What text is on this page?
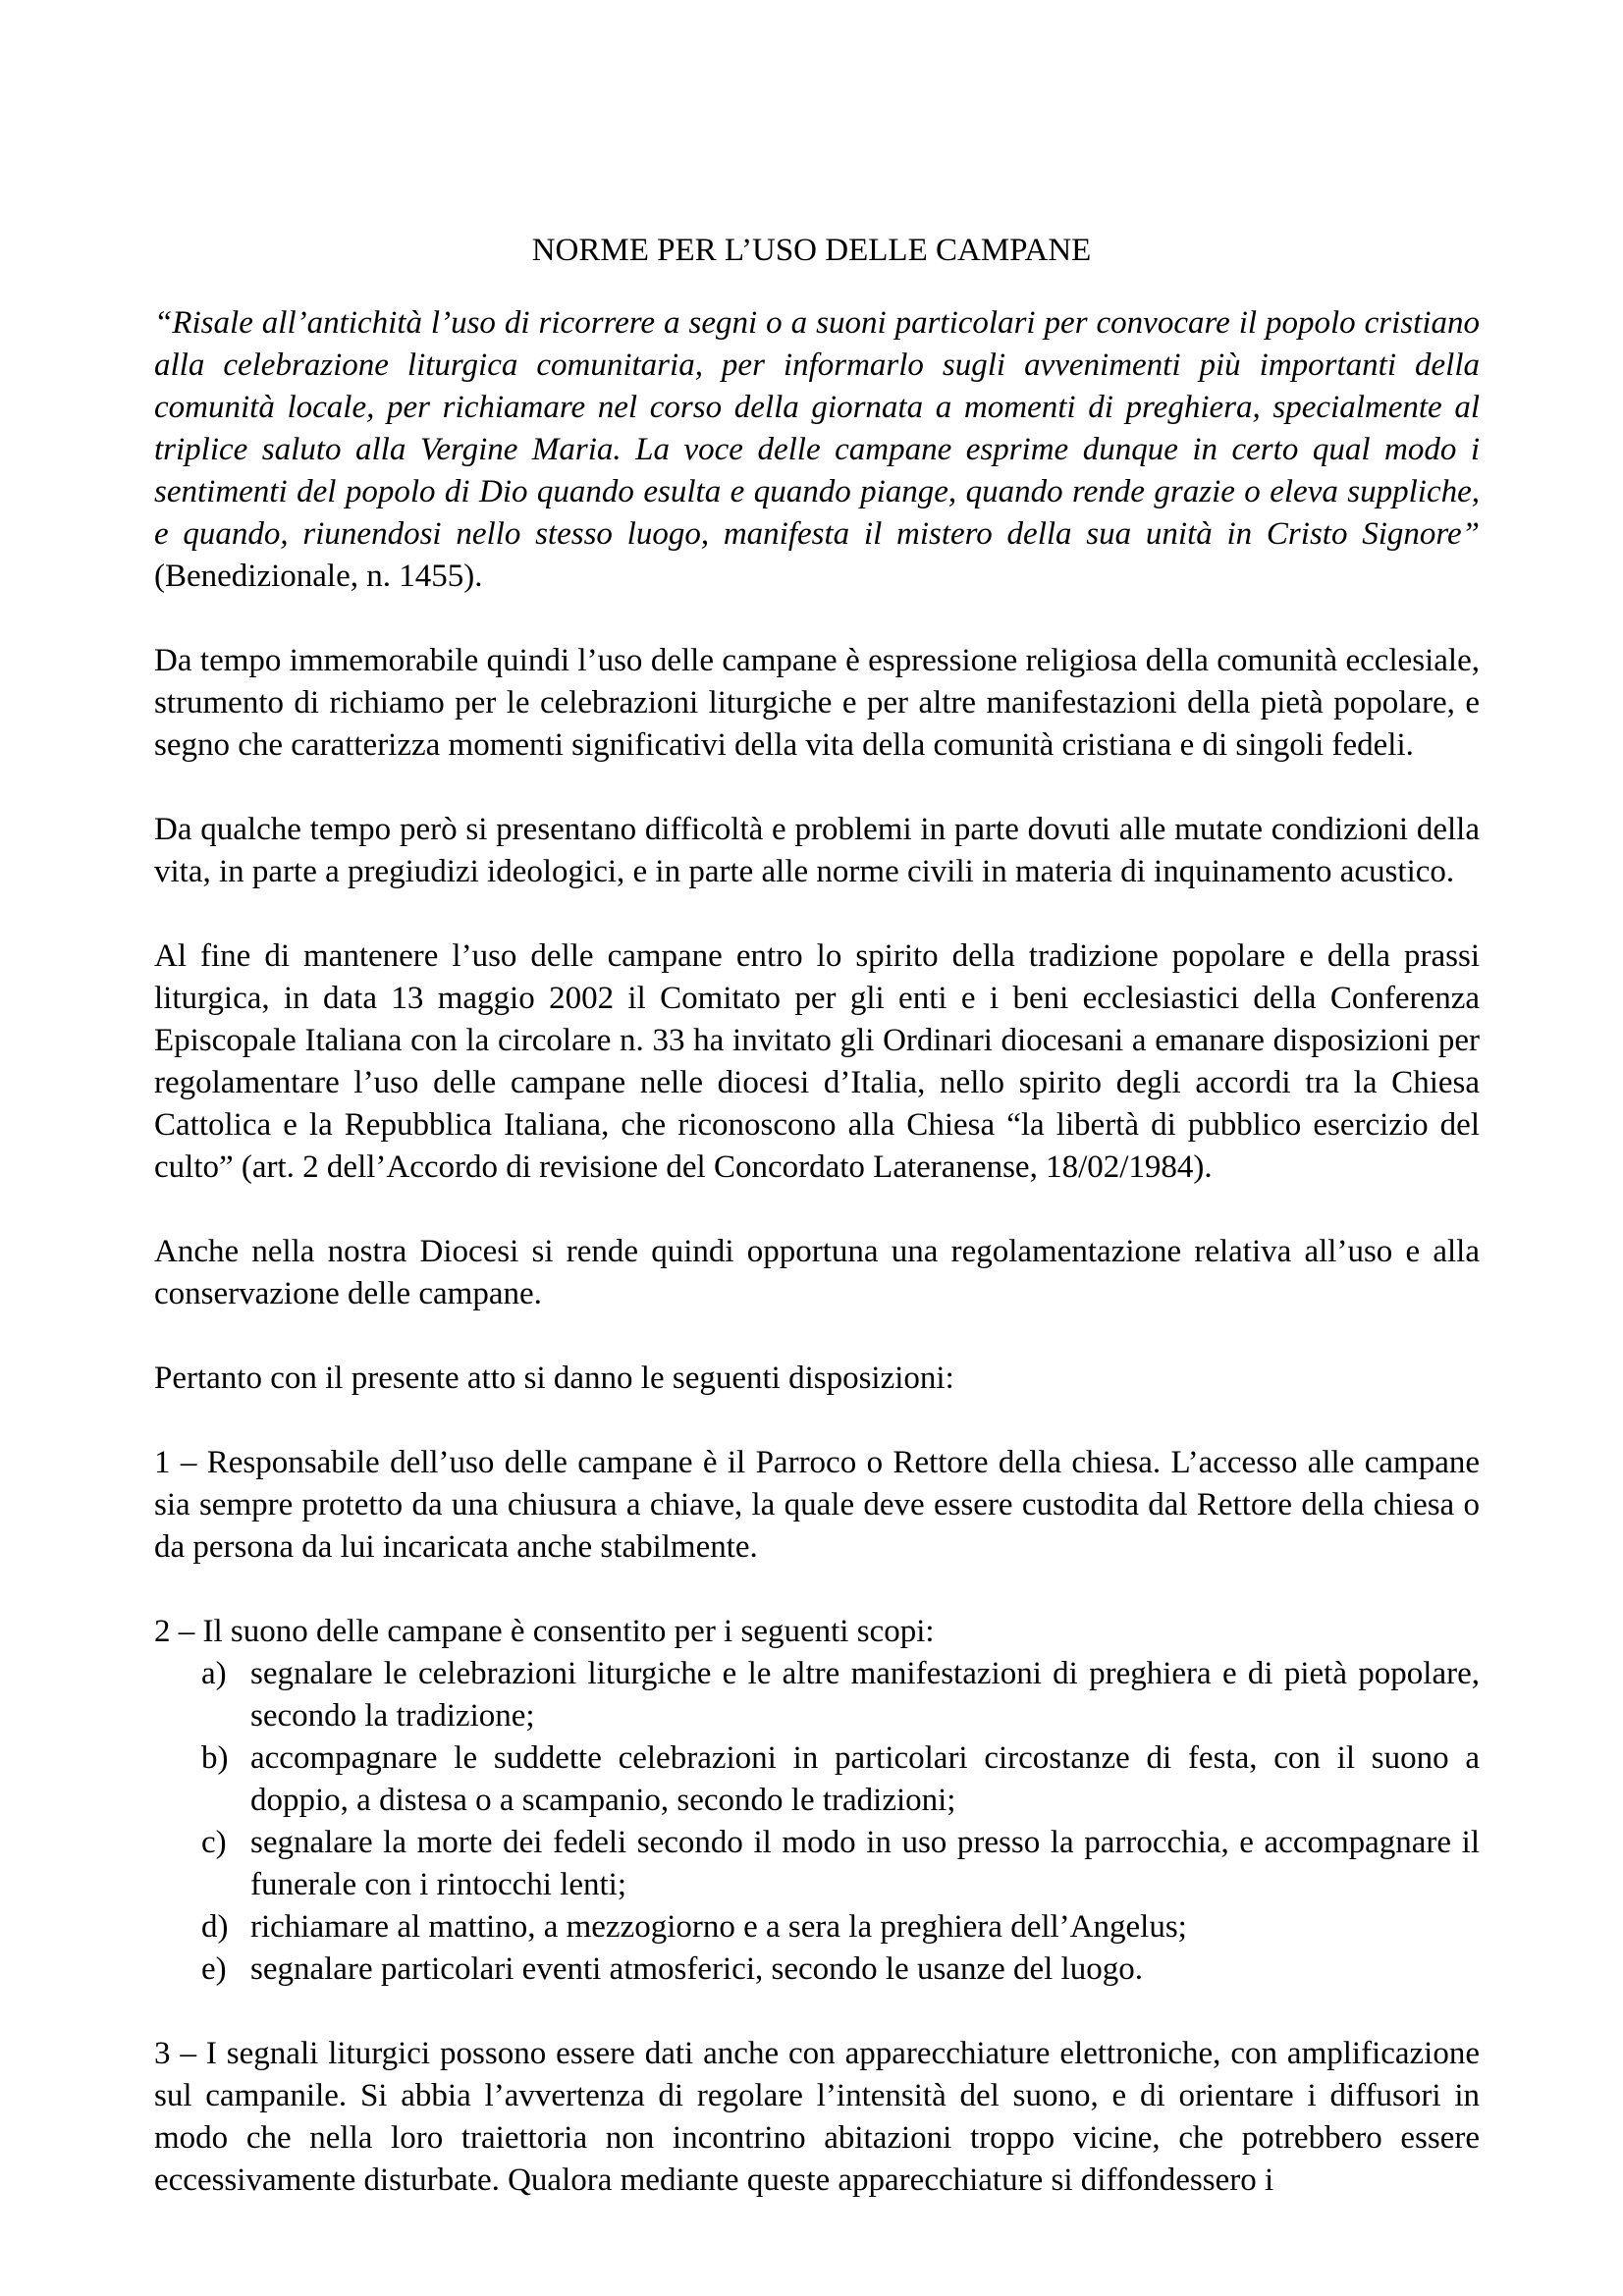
NORME PER L’USO DELLE CAMPANE

“Risale all’antichità l’uso di ricorrere a segni o a suoni particolari per convocare il popolo cristiano alla celebrazione liturgica comunitaria, per informarlo sugli avvenimenti più importanti della comunità locale, per richiamare nel corso della giornata a momenti di preghiera, specialmente al triplice saluto alla Vergine Maria. La voce delle campane esprime dunque in certo qual modo i sentimenti del popolo di Dio quando esulta e quando piange, quando rende grazie o eleva suppliche, e quando, riunendosi nello stesso luogo, manifesta il mistero della sua unità in Cristo Signore” (Benedizionale, n. 1455).

Da tempo immemorabile quindi l’uso delle campane è espressione religiosa della comunità ecclesiale, strumento di richiamo per le celebrazioni liturgiche e per altre manifestazioni della pietà popolare, e segno che caratterizza momenti significativi della vita della comunità cristiana e di singoli fedeli.

Da qualche tempo però si presentano difficoltà e problemi in parte dovuti alle mutate condizioni della vita, in parte a pregiudizi ideologici, e in parte alle norme civili in materia di inquinamento acustico.

Al fine di mantenere l’uso delle campane entro lo spirito della tradizione popolare e della prassi liturgica, in data 13 maggio 2002 il Comitato per gli enti e i beni ecclesiastici della Conferenza Episcopale Italiana con la circolare n. 33 ha invitato gli Ordinari diocesani a emanare disposizioni per regolamentare l’uso delle campane nelle diocesi d’Italia, nello spirito degli accordi tra la Chiesa Cattolica e la Repubblica Italiana, che riconoscono alla Chiesa “la libertà di pubblico esercizio del culto” (art. 2 dell’Accordo di revisione del Concordato Lateranense, 18/02/1984).

Anche nella nostra Diocesi si rende quindi opportuna una regolamentazione relativa all’uso e alla conservazione delle campane.

Pertanto con il presente atto si danno le seguenti disposizioni:

1 – Responsabile dell’uso delle campane è il Parroco o Rettore della chiesa. L’accesso alle campane sia sempre protetto da una chiusura a chiave, la quale deve essere custodita dal Rettore della chiesa o da persona da lui incaricata anche stabilmente.

2 – Il suono delle campane è consentito per i seguenti scopi:

a) segnalare le celebrazioni liturgiche e le altre manifestazioni di preghiera e di pietà popolare, secondo la tradizione;
b) accompagnare le suddette celebrazioni in particolari circostanze di festa, con il suono a doppio, a distesa o a scampanio, secondo le tradizioni;
c) segnalare la morte dei fedeli secondo il modo in uso presso la parrocchia, e accompagnare il funerale con i rintocchi lenti;
d) richiamare al mattino, a mezzogiorno e a sera la preghiera dell’Angelus;
e) segnalare particolari eventi atmosferici, secondo le usanze del luogo.

3 – I segnali liturgici possono essere dati anche con apparecchiature elettroniche, con amplificazione sul campanile. Si abbia l’avvertenza di regolare l’intensità del suono, e di orientare i diffusori in modo che nella loro traiettoria non incontrino abitazioni troppo vicine, che potrebbero essere eccessivamente disturbate. Qualora mediante queste apparecchiature si diffondessero i
